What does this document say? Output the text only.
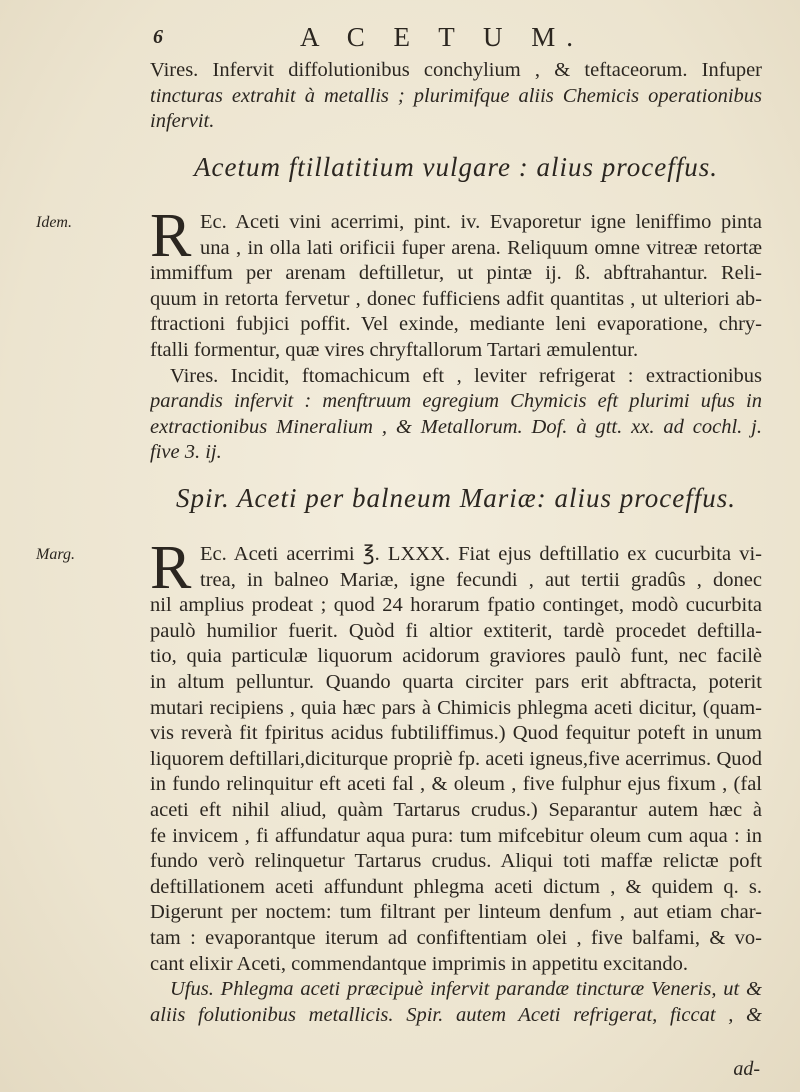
6	A C E T U M.
Vires. Infervit diffolutionibus conchylium , & teftaceorum. Infuper
tincturas extrahit à metallis ; plurimifque aliis Chemicis operationibus
infervit.
Acetum ftillatitium vulgare : alius proceffus.
Idem. R Ec. Aceti vini acerrimi, pint. iv. Evaporetur igne leniffimo pinta
una , in olla lati orificii fuper arena. Reliquum omne vitreæ retortæ
immiffum per arenam deftilletur, ut pintæ ij. ß. abftrahantur. Reli-
quum in retorta fervetur , donec fufficiens adfit quantitas , ut ulteriori ab-
ftractioni fubjici poffit. Vel exinde, mediante leni evaporatione, chry-
ftalli formentur, quæ vires chryftallorum Tartari æmulentur.
Vires. Incidit, ftomachicum eft , leviter refrigerat : extractionibus
parandis infervit : menftruum egregium Chymicis eft plurimi ufus in
extractionibus Mineralium , & Metallorum. Dof. à gtt. xx. ad cochl. j.
five 3. ij.
Spir. Aceti per balneum Mariæ: alius proceffus.
Marg. R Ec. Aceti acerrimi ℥. LXXX. Fiat ejus deftillatio ex cucurbita vi-
trea, in balneo Mariæ, igne fecundi , aut tertii gradûs , donec
nil amplius prodeat ; quod 24 horarum fpatio continget, modò cucurbita
paulò humilior fuerit. Quòd fi altior extiterit, tardè procedet deftilla-
tio, quia particulæ liquorum acidorum graviores paulò funt, nec facilè
in altum pelluntur. Quando quarta circiter pars erit abftracta, poterit
mutari recipiens , quia hæc pars à Chimicis phlegma aceti dicitur, (quam-
vis reverà fit fpiritus acidus fubtiliffimus.) Quod fequitur poteft in unum
liquorem deftillari,diciturque propriè fp. aceti igneus,five acerrimus. Quod
in fundo relinquitur eft aceti fal , & oleum , five fulphur ejus fixum , (fal
aceti eft nihil aliud, quàm Tartarus crudus.) Separantur autem hæc à
fe invicem , fi affundatur aqua pura: tum mifcebitur oleum cum aqua : in
fundo verò relinquetur Tartarus crudus. Aliqui toti maffæ relictæ poft
deftillationem aceti affundunt phlegma aceti dictum , & quidem q. s.
Digerunt per noctem: tum filtrant per linteum denfum , aut etiam char-
tam : evaporantque iterum ad confiftentiam olei , five balfami, & vo-
cant elixir Aceti, commendantque imprimis in appetitu excitando.
Ufus. Phlegma aceti præcipuè infervit parandæ tincturæ Veneris, ut &
aliis folutionibus metallicis. Spir. autem Aceti refrigerat, ficcat , &
ad-
